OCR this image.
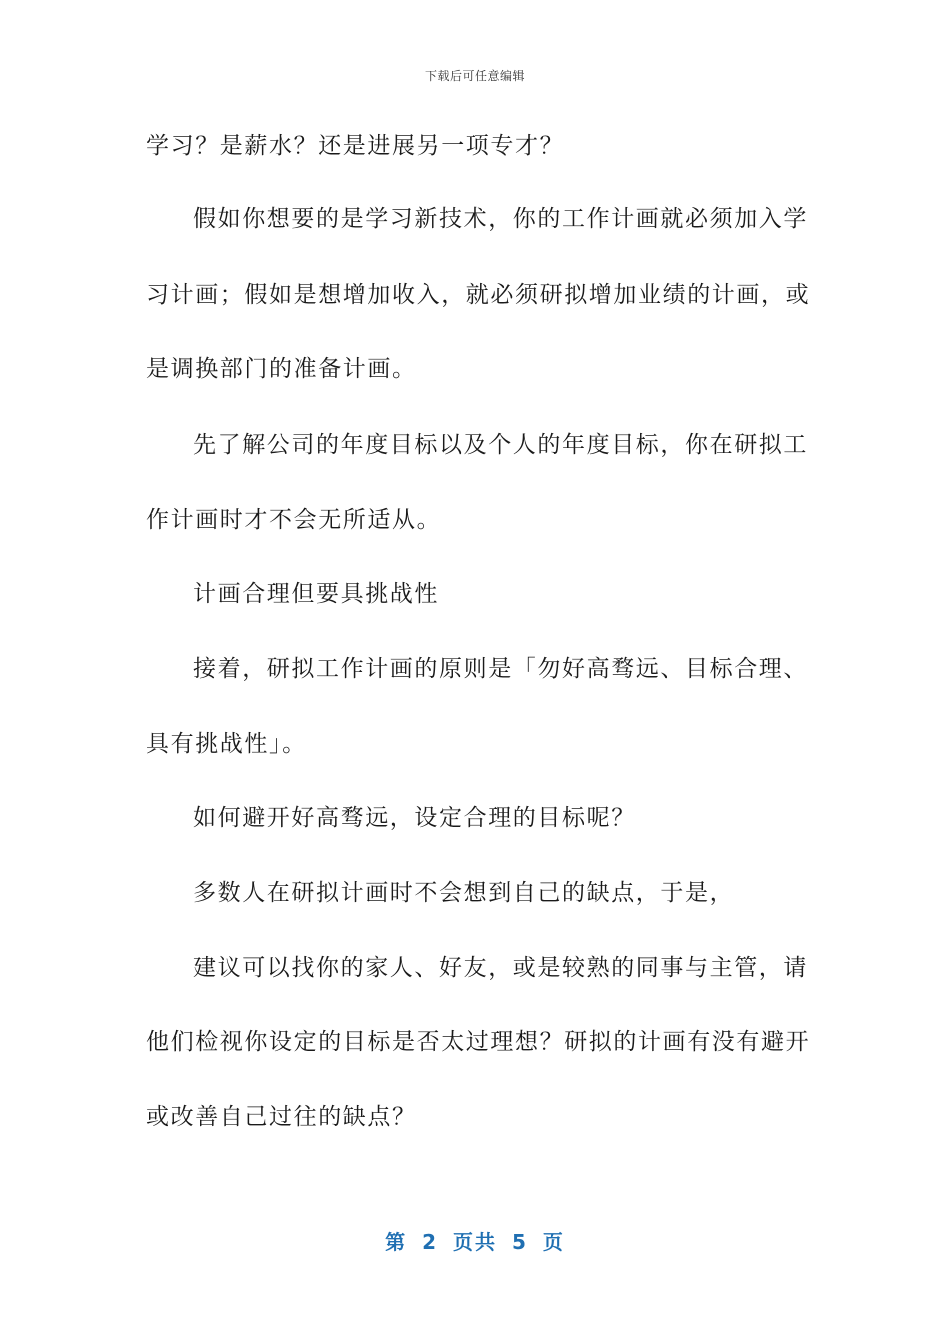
下载后可任意编辑
学习？是薪水？还是进展另一项专才？
假如你想要的是学习新技术，你的工作计画就必须加入学
习计画；假如是想增加收入，就必须研拟增加业绩的计画，或
是调换部门的准备计画。
先了解公司的年度目标以及个人的年度目标，你在研拟工
作计画时才不会无所适从。
计画合理但要具挑战性
接着，研拟工作计画的原则是「勿好高骛远、目标合理、
具有挑战性」。
如何避开好高骛远，设定合理的目标呢？
多数人在研拟计画时不会想到自己的缺点，于是，
建议可以找你的家人、好友，或是较熟的同事与主管，请
他们检视你设定的目标是否太过理想？研拟的计画有没有避开
或改善自己过往的缺点？
第 2 页共 5 页
